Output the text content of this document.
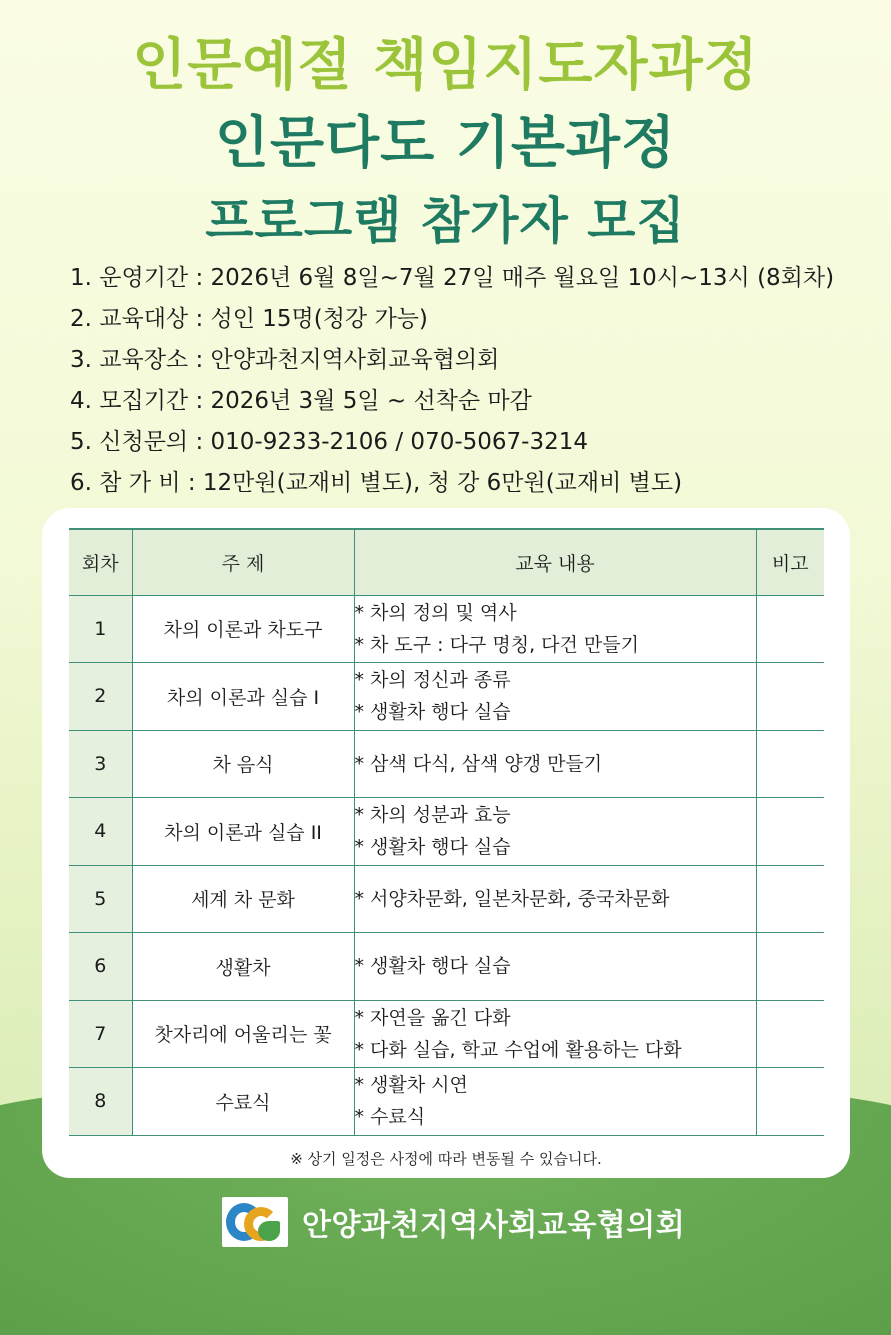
인문예절 책임지도자과정
인문다도 기본과정
프로그램 참가자 모집
1. 운영기간 : 2026년 6월 8일~7월 27일 매주 월요일 10시~13시 (8회차)
2. 교육대상 : 성인 15명(청강 가능)
3. 교육장소 : 안양과천지역사회교육협의회
4. 모집기간 : 2026년 3월 5일 ~ 선착순 마감
5. 신청문의 : 010-9233-2106 / 070-5067-3214
6. 참 가 비 : 12만원(교재비 별도), 청 강 6만원(교재비 별도)
회차	주 제	교육 내용	비고
1	차의 이론과 차도구	* 차의 정의 및 역사
* 차 도구 : 다구 명칭, 다건 만들기	

2	차의 이론과 실습 I	* 차의 정신과 종류
* 생활차 행다 실습	

3	차 음식	* 삼색 다식, 삼색 양갱 만들기	

4	차의 이론과 실습 II	* 차의 성분과 효능
* 생활차 행다 실습	

5	세계 차 문화	* 서양차문화, 일본차문화, 중국차문화	

6	생활차	* 생활차 행다 실습	

7	찻자리에 어울리는 꽃	* 자연을 옮긴 다화
* 다화 실습, 학교 수업에 활용하는 다화	

8	수료식	* 생활차 시연
* 수료식	

※ 상기 일정은 사정에 따라 변동될 수 있습니다.
안양과천지역사회교육협의회
